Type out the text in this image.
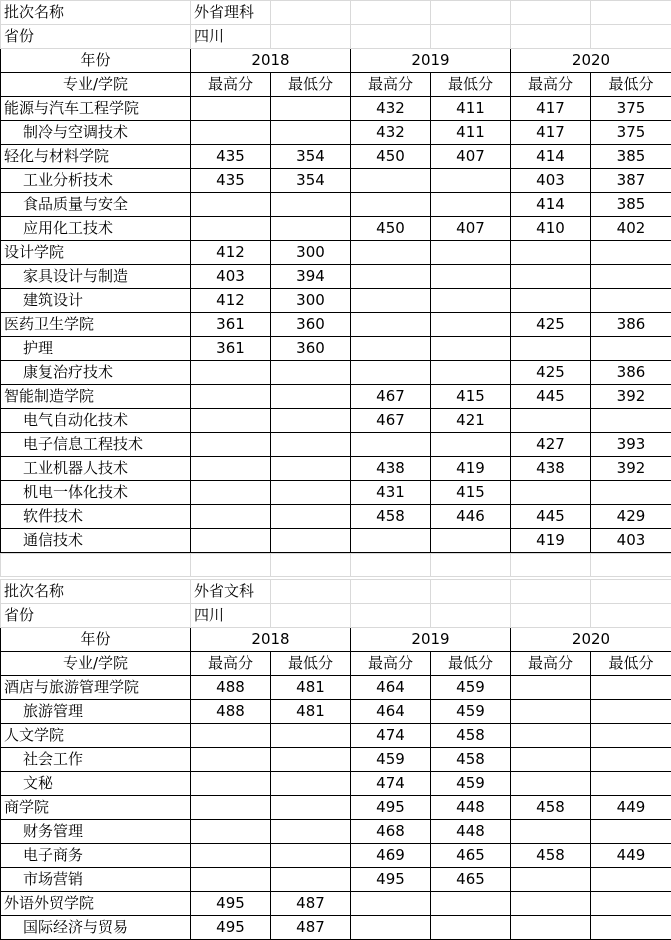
批次名称	外省理科					
省份	四川					
年份	2018		2019		2020	
专业/学院	最高分	最低分	最高分	最低分	最高分	最低分
能源与汽车工程学院			432	411	417	375
制冷与空调技术			432	411	417	375
轻化与材料学院	435	354	450	407	414	385
工业分析技术	435	354			403	387
食品质量与安全					414	385
应用化工技术			450	407	410	402
设计学院	412	300				
家具设计与制造	403	394				
建筑设计	412	300				
医药卫生学院	361	360			425	386
护理	361	360				
康复治疗技术					425	386
智能制造学院			467	415	445	392
电气自动化技术			467	421		
电子信息工程技术					427	393
工业机器人技术			438	419	438	392
机电一体化技术			431	415		
软件技术			458	446	445	429
通信技术					419	403

批次名称	外省文科					
省份	四川					
年份	2018		2019		2020	
专业/学院	最高分	最低分	最高分	最低分	最高分	最低分
酒店与旅游管理学院	488	481	464	459		
旅游管理	488	481	464	459		
人文学院			474	458		
社会工作			459	458		
文秘			474	459		
商学院			495	448	458	449
财务管理			468	448		
电子商务			469	465	458	449
市场营销			495	465		
外语外贸学院	495	487				
国际经济与贸易	495	487				
